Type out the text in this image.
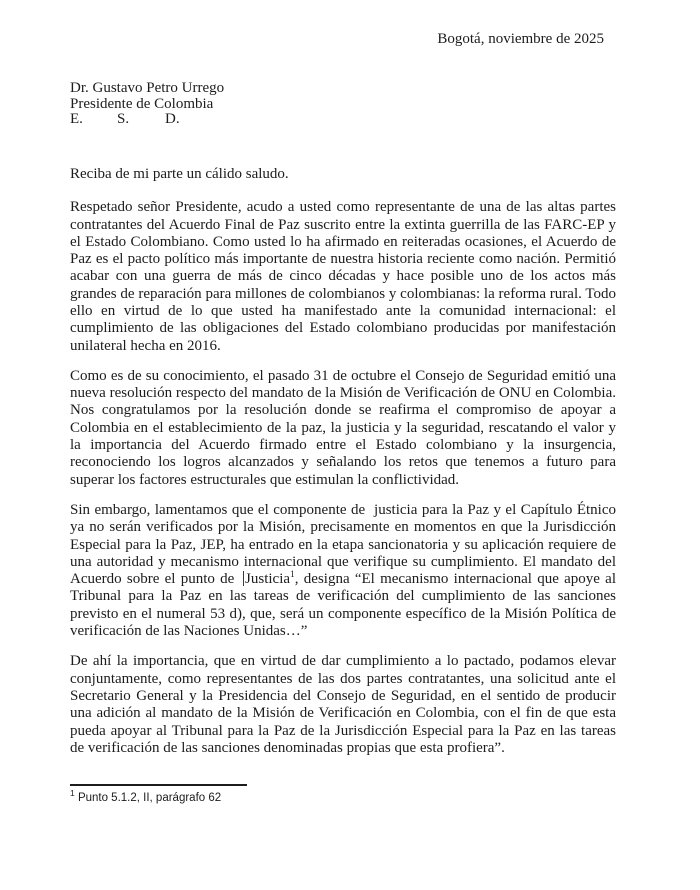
Bogotá, noviembre de 2025
Dr. Gustavo Petro Urrego
Presidente de Colombia
E. S. D.
Reciba de mi parte un cálido saludo.

Respetado señor Presidente, acudo a usted como representante de una de las altas partes contratantes del Acuerdo Final de Paz suscrito entre la extinta guerrilla de las FARC-EP y el Estado Colombiano. Como usted lo ha afirmado en reiteradas ocasiones, el Acuerdo de Paz es el pacto político más importante de nuestra historia reciente como nación. Permitió acabar con una guerra de más de cinco décadas y hace posible uno de los actos más grandes de reparación para millones de colombianos y colombianas: la reforma rural. Todo ello en virtud de lo que usted ha manifestado ante la comunidad internacional: el cumplimiento de las obligaciones del Estado colombiano producidas por manifestación unilateral hecha en 2016.

Como es de su conocimiento, el pasado 31 de octubre el Consejo de Seguridad emitió una nueva resolución respecto del mandato de la Misión de Verificación de ONU en Colombia. Nos congratulamos por la resolución donde se reafirma el compromiso de apoyar a Colombia en el establecimiento de la paz, la justicia y la seguridad, rescatando el valor y la importancia del Acuerdo firmado entre el Estado colombiano y la insurgencia, reconociendo los logros alcanzados y señalando los retos que tenemos a futuro para superar los factores estructurales que estimulan la conflictividad.

Sin embargo, lamentamos que el componente de  justicia para la Paz y el Capítulo Étnico ya no serán verificados por la Misión, precisamente en momentos en que la Jurisdicción Especial para la Paz, JEP, ha entrado en la etapa sancionatoria y su aplicación requiere de una autoridad y mecanismo internacional que verifique su cumplimiento. El mandato del Acuerdo sobre el punto de Justicia$^1$, designa “El mecanismo internacional que apoye al Tribunal para la Paz en las tareas de verificación del cumplimiento de las sanciones previsto en el numeral 53 d), que, será un componente específico de la Misión Política de verificación de las Naciones Unidas…”

De ahí la importancia, que en virtud de dar cumplimiento a lo pactado, podamos elevar conjuntamente, como representantes de las dos partes contratantes, una solicitud ante el Secretario General y la Presidencia del Consejo de Seguridad, en el sentido de producir una adición al mandato de la Misión de Verificación en Colombia, con el fin de que esta pueda apoyar al Tribunal para la Paz de la Jurisdicción Especial para la Paz en las tareas de verificación de las sanciones denominadas propias que esta profiera”.

$^1$ Punto 5.1.2, II, parágrafo 62
